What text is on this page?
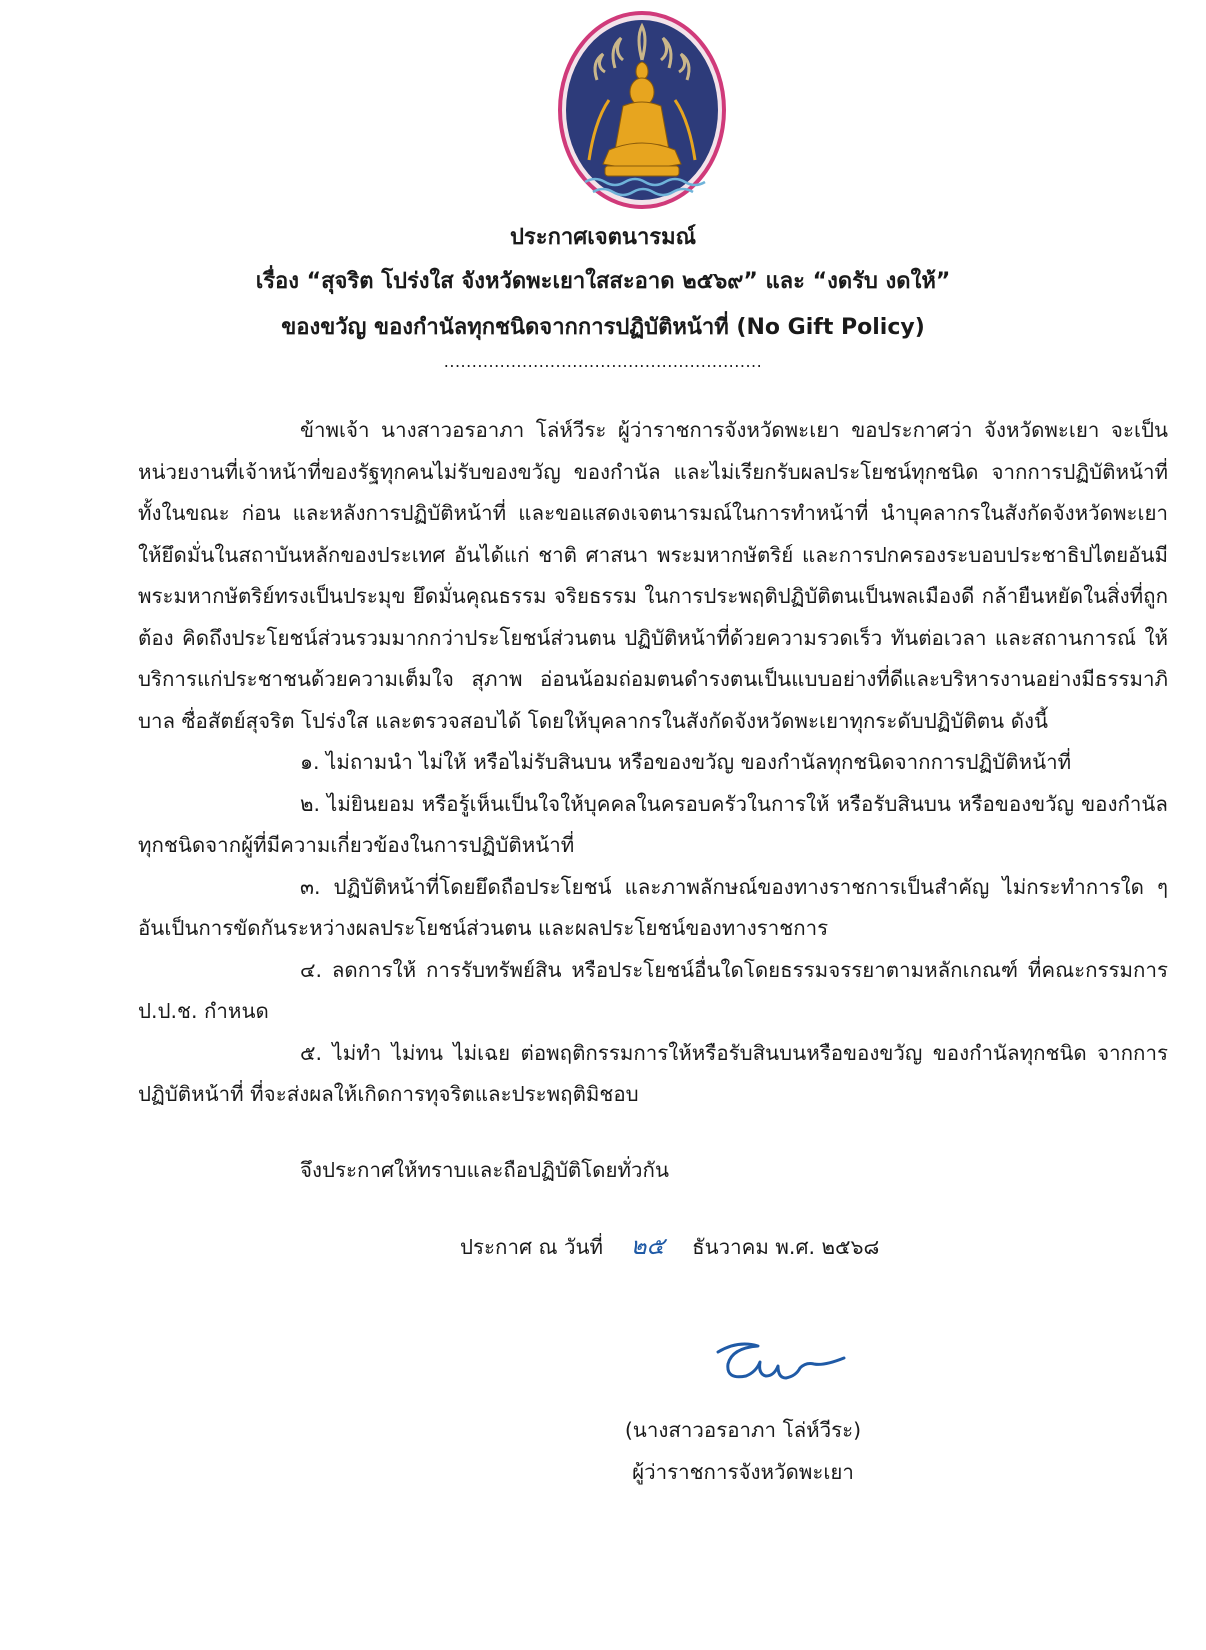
ประกาศเจตนารมณ์
เรื่อง “สุจริต โปร่งใส จังหวัดพะเยาใสสะอาด ๒๕๖๙” และ “งดรับ งดให้”
ของขวัญ ของกำนัลทุกชนิดจากการปฏิบัติหน้าที่ (No Gift Policy)
.........................................................

ข้าพเจ้า นางสาวอรอาภา โล่ห์วีระ ผู้ว่าราชการจังหวัดพะเยา ขอประกาศว่า จังหวัดพะเยา จะเป็นหน่วยงานที่เจ้าหน้าที่ของรัฐทุกคนไม่รับของขวัญ ของกำนัล และไม่เรียกรับผลประโยชน์ทุกชนิด จากการปฏิบัติหน้าที่ ทั้งในขณะ ก่อน และหลังการปฏิบัติหน้าที่ และขอแสดงเจตนารมณ์ในการทำหน้าที่ นำบุคลากรในสังกัดจังหวัดพะเยา ให้ยึดมั่นในสถาบันหลักของประเทศ อันได้แก่ ชาติ ศาสนา พระมหากษัตริย์ และการปกครองระบอบประชาธิปไตยอันมีพระมหากษัตริย์ทรงเป็นประมุข ยึดมั่นคุณธรรม จริยธรรม ในการประพฤติปฏิบัติตนเป็นพลเมืองดี กล้ายืนหยัดในสิ่งที่ถูกต้อง คิดถึงประโยชน์ส่วนรวมมากกว่าประโยชน์ส่วนตน ปฏิบัติหน้าที่ด้วยความรวดเร็ว ทันต่อเวลา และสถานการณ์ ให้บริการแก่ประชาชนด้วยความเต็มใจ สุภาพ อ่อนน้อมถ่อมตนดำรงตนเป็นแบบอย่างที่ดีและบริหารงานอย่างมีธรรมาภิบาล ซื่อสัตย์สุจริต โปร่งใส และตรวจสอบได้ โดยให้บุคลากรในสังกัดจังหวัดพะเยาทุกระดับปฏิบัติตน ดังนี้

๑. ไม่ถามนำ ไม่ให้ หรือไม่รับสินบน หรือของขวัญ ของกำนัลทุกชนิดจากการปฏิบัติหน้าที่

๒. ไม่ยินยอม หรือรู้เห็นเป็นใจให้บุคคลในครอบครัวในการให้ หรือรับสินบน หรือของขวัญ ของกำนัลทุกชนิดจากผู้ที่มีความเกี่ยวข้องในการปฏิบัติหน้าที่

๓. ปฏิบัติหน้าที่โดยยึดถือประโยชน์ และภาพลักษณ์ของทางราชการเป็นสำคัญ ไม่กระทำการใด ๆ อันเป็นการขัดกันระหว่างผลประโยชน์ส่วนตน และผลประโยชน์ของทางราชการ

๔. ลดการให้ การรับทรัพย์สิน หรือประโยชน์อื่นใดโดยธรรมจรรยาตามหลักเกณฑ์ ที่คณะกรรมการ ป.ป.ช. กำหนด

๕. ไม่ทำ ไม่ทน ไม่เฉย ต่อพฤติกรรมการให้หรือรับสินบนหรือของขวัญ ของกำนัลทุกชนิด จากการปฏิบัติหน้าที่ ที่จะส่งผลให้เกิดการทุจริตและประพฤติมิชอบ

จึงประกาศให้ทราบและถือปฏิบัติโดยทั่วกัน
ประกาศ ณ วันที่ ๒๕ ธันวาคม พ.ศ. ๒๕๖๘
(นางสาวอรอาภา โล่ห์วีระ)
ผู้ว่าราชการจังหวัดพะเยา
